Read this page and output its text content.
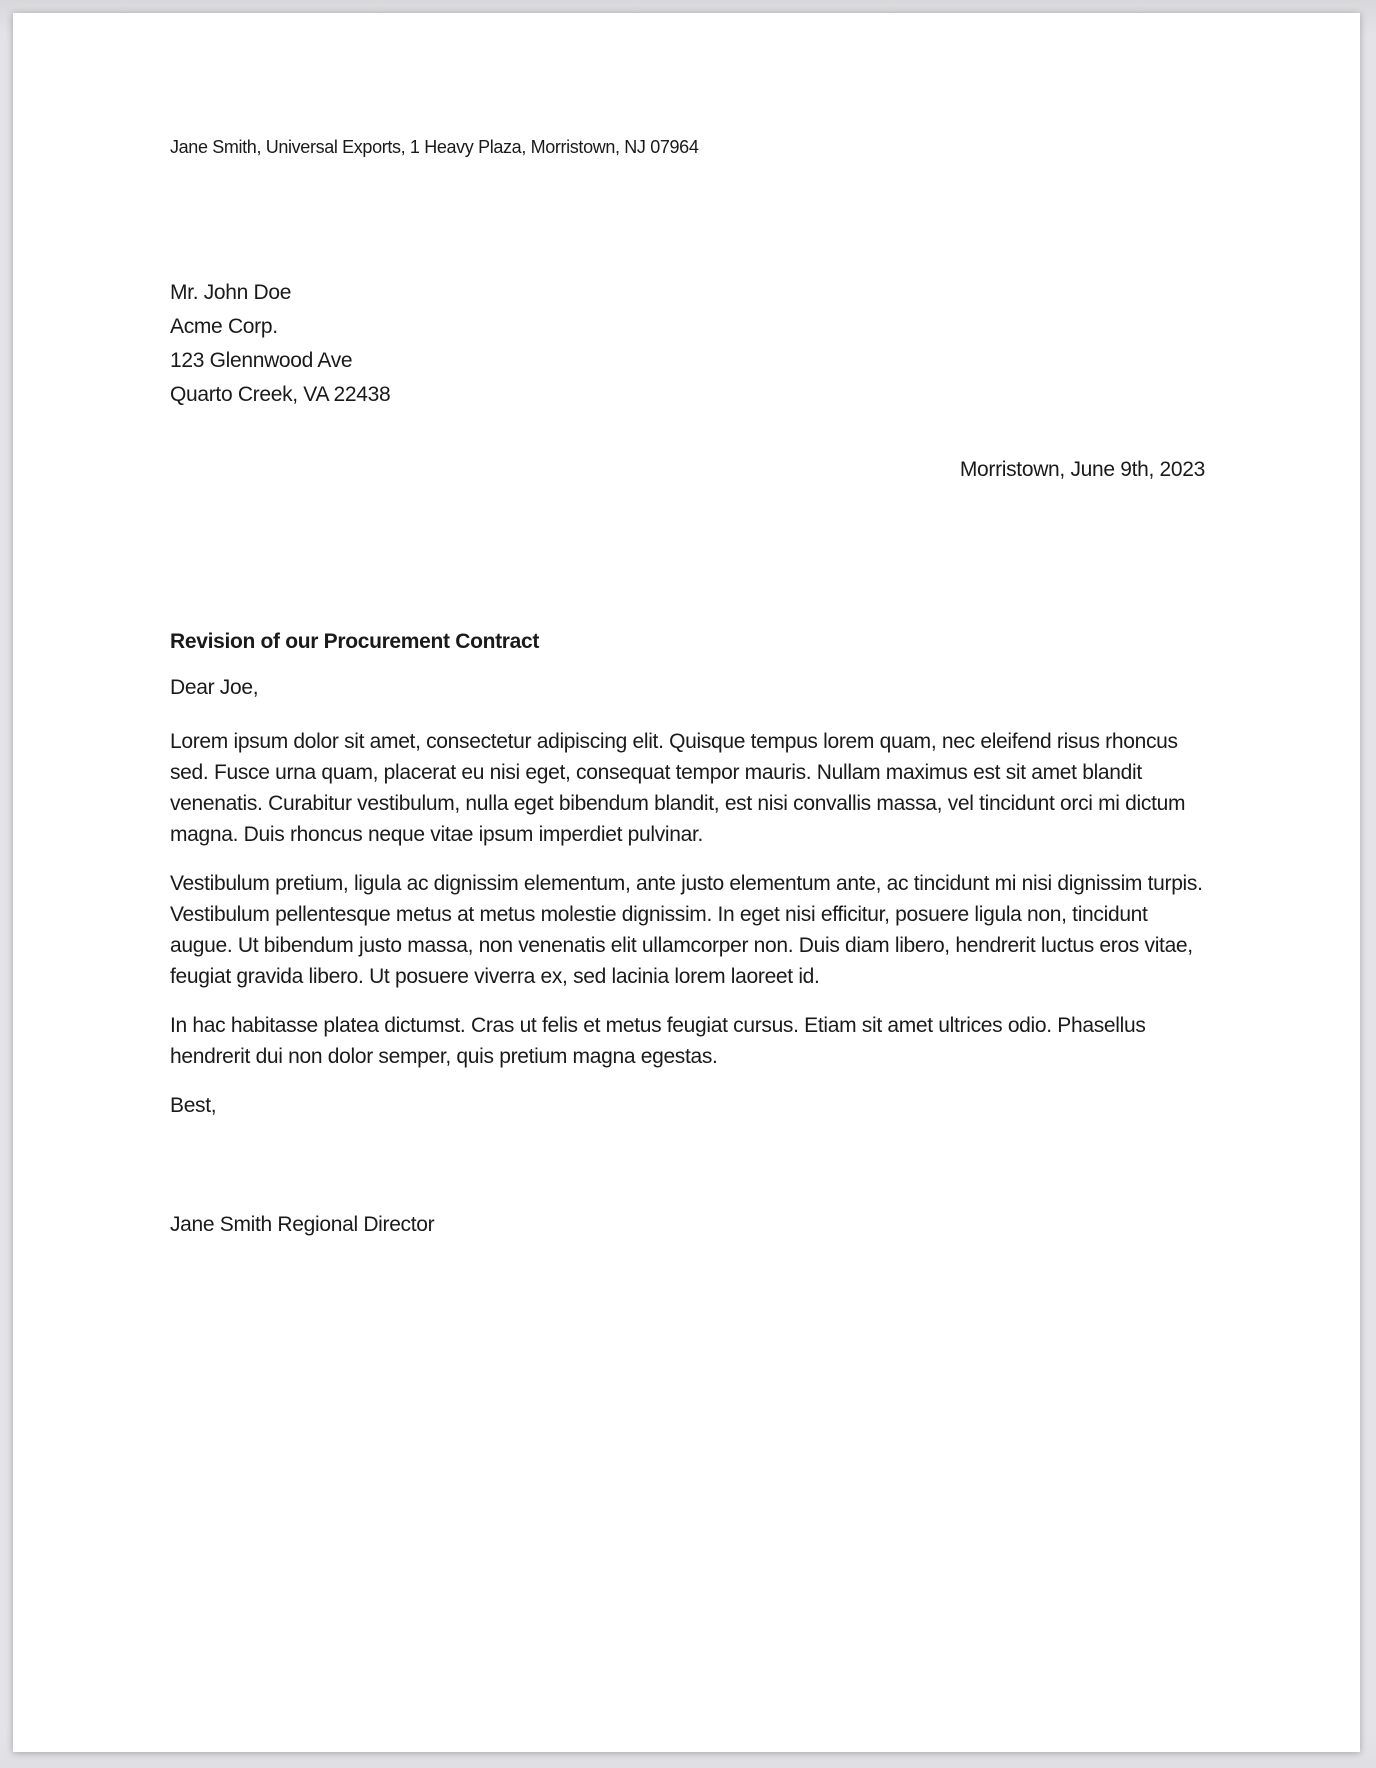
Jane Smith, Universal Exports, 1 Heavy Plaza, Morristown, NJ 07964
Mr. John Doe
Acme Corp.
123 Glennwood Ave
Quarto Creek, VA 22438
Morristown, June 9th, 2023
Revision of our Procurement Contract
Dear Joe,

Lorem ipsum dolor sit amet, consectetur adipiscing elit. Quisque tempus lorem quam, nec eleifend risus rhoncus sed. Fusce urna quam, placerat eu nisi eget, consequat tempor mauris. Nullam maximus est sit amet blandit venenatis. Curabitur vestibulum, nulla eget bibendum blandit, est nisi convallis massa, vel tincidunt orci mi dictum magna. Duis rhoncus neque vitae ipsum imperdiet pulvinar.

Vestibulum pretium, ligula ac dignissim elementum, ante justo elementum ante, ac tincidunt mi nisi dignissim turpis. Vestibulum pellentesque metus at metus molestie dignissim. In eget nisi efficitur, posuere ligula non, tincidunt augue. Ut bibendum justo massa, non venenatis elit ullamcorper non. Duis diam libero, hendrerit luctus eros vitae, feugiat gravida libero. Ut posuere viverra ex, sed lacinia lorem laoreet id.

In hac habitasse platea dictumst. Cras ut felis et metus feugiat cursus. Etiam sit amet ultrices odio. Phasellus hendrerit dui non dolor semper, quis pretium magna egestas.

Best,

Jane Smith Regional Director
